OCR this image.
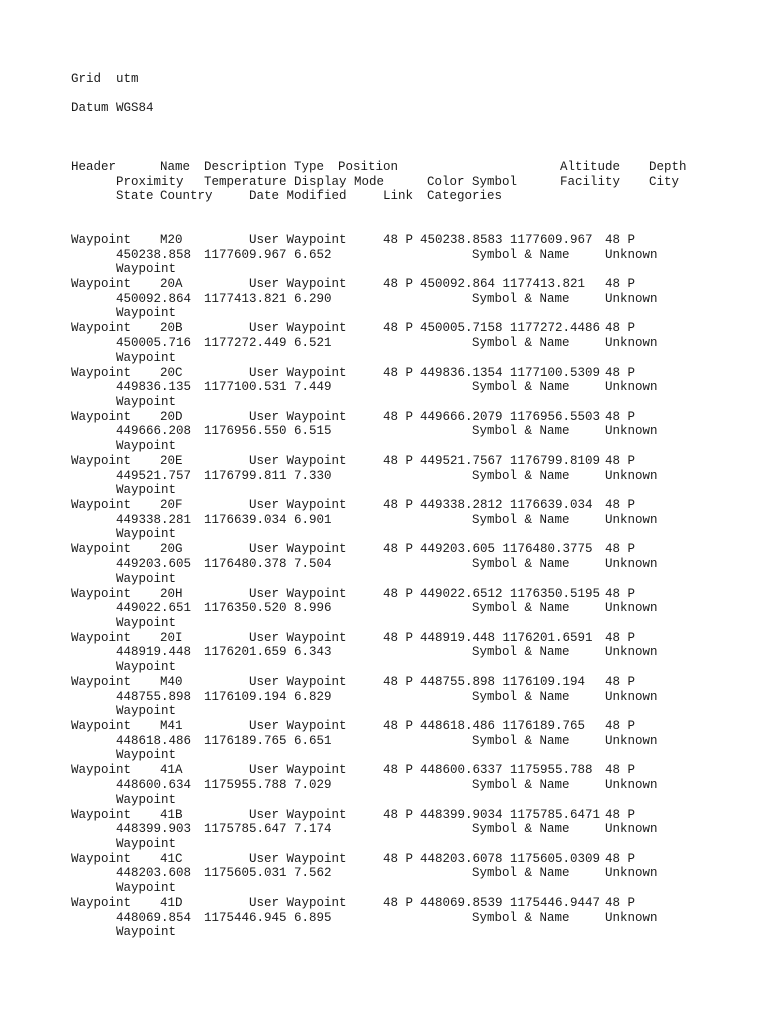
Grid  utm
Datum WGS84
Header	Name Description Type Position	Altitude Depth
Proximity Temperature Display Mode	Color Symbol	Facility City
State Country	Date Modified	Link Categories
Waypoint M20	User Waypoint	48 P 450238.8583 1177609.967 48 P
450238.858 1177609.967 6.652	Symbol & Name	Unknown
Waypoint
Waypoint 20A	User Waypoint	48 P 450092.864 1177413.821 48 P
450092.864 1177413.821 6.290	Symbol & Name	Unknown
Waypoint
Waypoint 20B	User Waypoint	48 P 450005.7158 1177272.4486 48 P
450005.716 1177272.449 6.521	Symbol & Name	Unknown
Waypoint
Waypoint 20C	User Waypoint	48 P 449836.1354 1177100.5309 48 P
449836.135 1177100.531 7.449	Symbol & Name	Unknown
Waypoint
Waypoint 20D	User Waypoint	48 P 449666.2079 1176956.5503 48 P
449666.208 1176956.550 6.515	Symbol & Name	Unknown
Waypoint
Waypoint 20E	User Waypoint	48 P 449521.7567 1176799.8109 48 P
449521.757 1176799.811 7.330	Symbol & Name	Unknown
Waypoint
Waypoint 20F	User Waypoint	48 P 449338.2812 1176639.034 48 P
449338.281 1176639.034 6.901	Symbol & Name	Unknown
Waypoint
Waypoint 20G	User Waypoint	48 P 449203.605 1176480.3775 48 P
449203.605 1176480.378 7.504	Symbol & Name	Unknown
Waypoint
Waypoint 20H	User Waypoint	48 P 449022.6512 1176350.5195 48 P
449022.651 1176350.520 8.996	Symbol & Name	Unknown
Waypoint
Waypoint 20I	User Waypoint	48 P 448919.448 1176201.6591 48 P
448919.448 1176201.659 6.343	Symbol & Name	Unknown
Waypoint
Waypoint M40	User Waypoint	48 P 448755.898 1176109.194 48 P
448755.898 1176109.194 6.829	Symbol & Name	Unknown
Waypoint
Waypoint M41	User Waypoint	48 P 448618.486 1176189.765 48 P
448618.486 1176189.765 6.651	Symbol & Name	Unknown
Waypoint
Waypoint 41A	User Waypoint	48 P 448600.6337 1175955.788 48 P
448600.634 1175955.788 7.029	Symbol & Name	Unknown
Waypoint
Waypoint 41B	User Waypoint	48 P 448399.9034 1175785.6471 48 P
448399.903 1175785.647 7.174	Symbol & Name	Unknown
Waypoint
Waypoint 41C	User Waypoint	48 P 448203.6078 1175605.0309 48 P
448203.608 1175605.031 7.562	Symbol & Name	Unknown
Waypoint
Waypoint 41D	User Waypoint	48 P 448069.8539 1175446.9447 48 P
448069.854 1175446.945 6.895	Symbol & Name	Unknown
Waypoint
